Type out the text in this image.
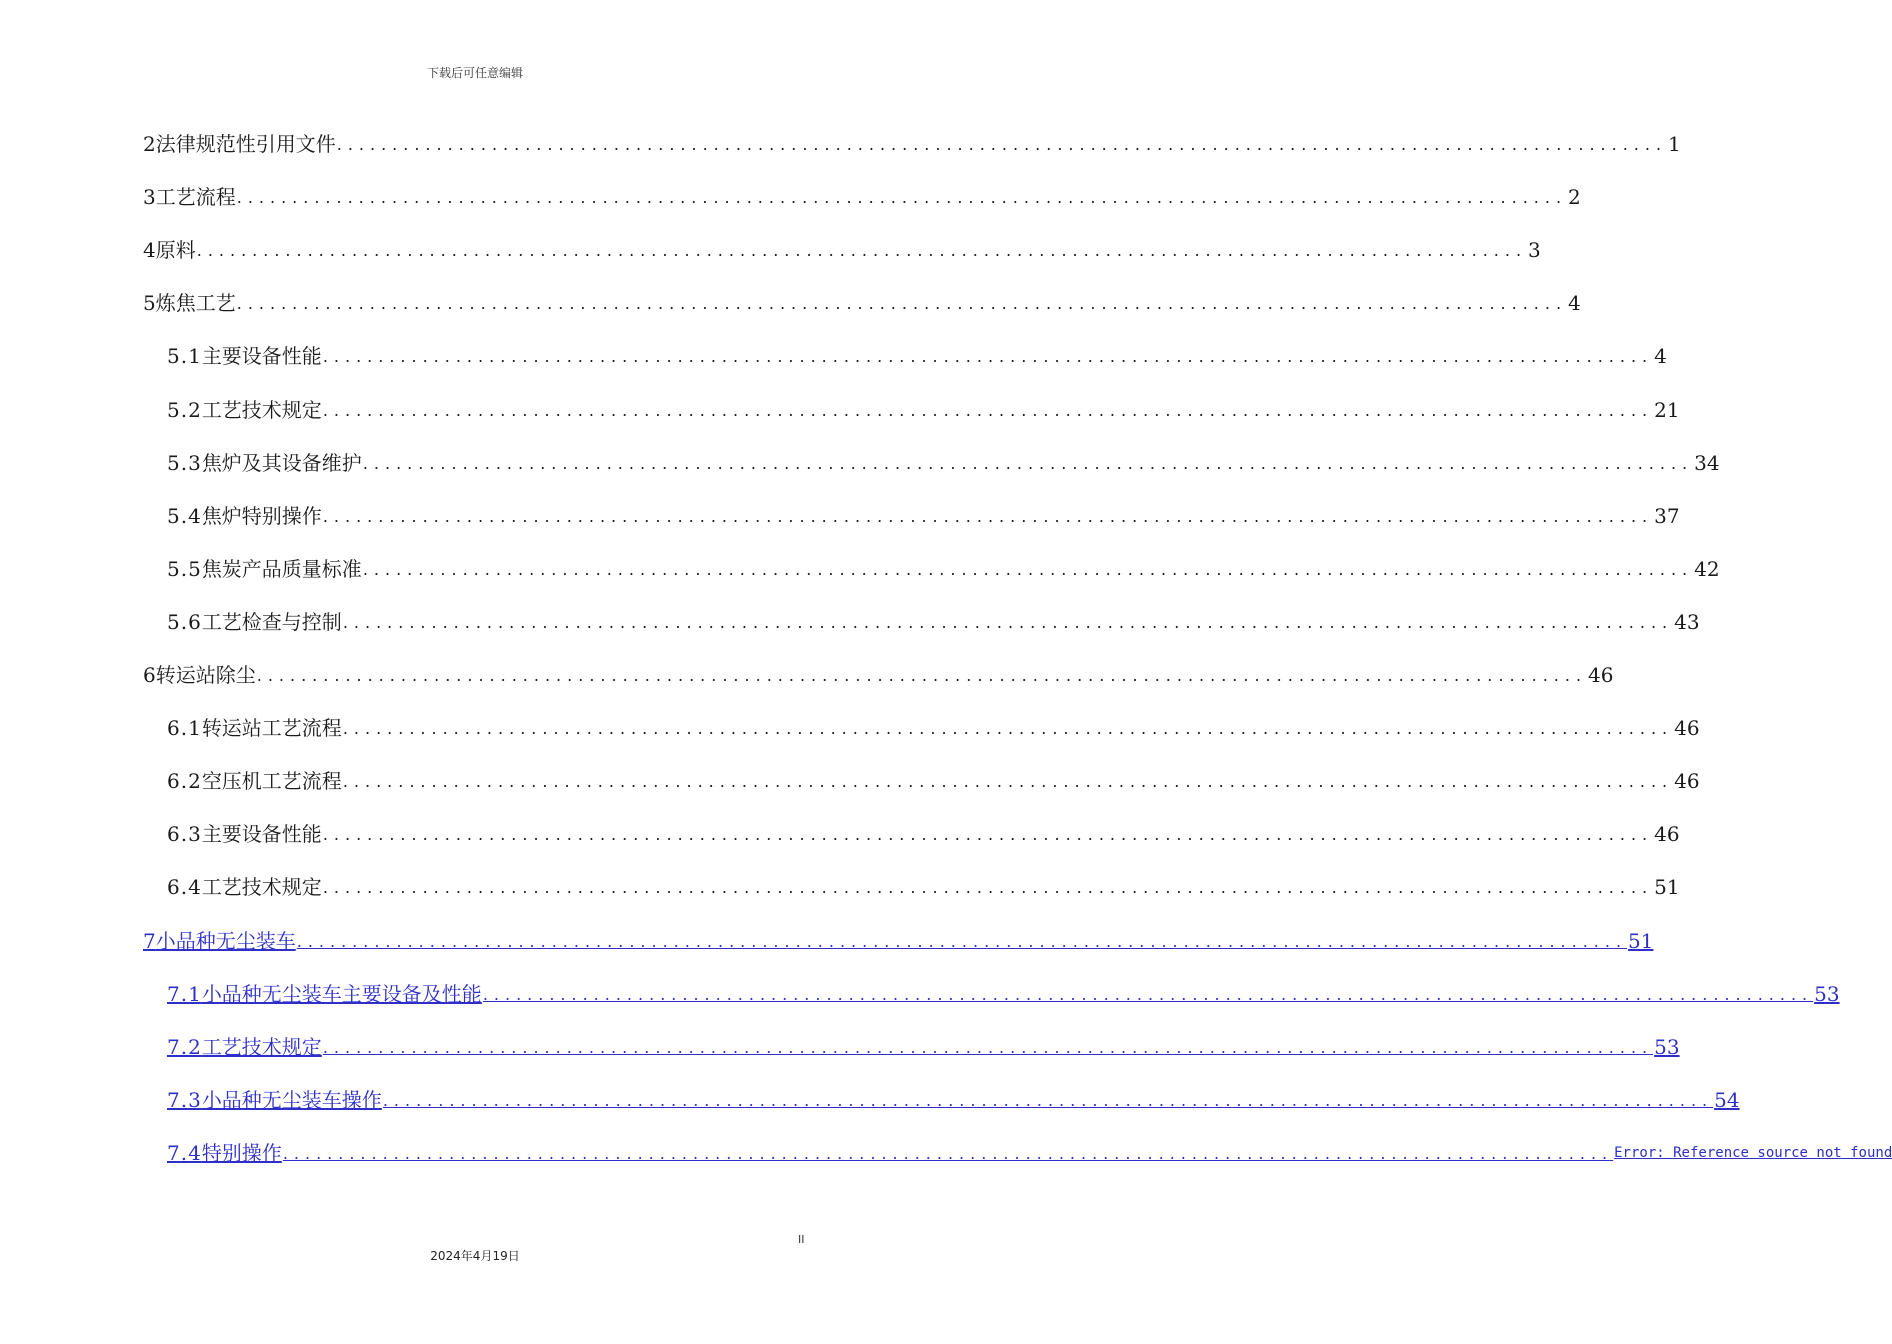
下载后可任意编辑
2 法律规范性引用文件 ........................................................................................................................ 1
3 工艺流程 ........................................................................................................................ 2
4 原料 ........................................................................................................................ 3
5 炼焦工艺 ........................................................................................................................ 4
5.1 主要设备性能 ........................................................................................................................ 4
5.2 工艺技术规定 ........................................................................................................................ 21
5.3 焦炉及其设备维护 ........................................................................................................................ 34
5.4 焦炉特别操作 ........................................................................................................................ 37
5.5 焦炭产品质量标准 ........................................................................................................................ 42
5.6 工艺检查与控制 ........................................................................................................................ 43
6 转运站除尘 ........................................................................................................................ 46
6.1 转运站工艺流程 ........................................................................................................................ 46
6.2 空压机工艺流程 ........................................................................................................................ 46
6.3 主要设备性能 ........................................................................................................................ 46
6.4 工艺技术规定 ........................................................................................................................ 51
7 小品种无尘装车 ........................................................................................................................ 51
7.1 小品种无尘装车主要设备及性能 ........................................................................................................................ 53
7.2 工艺技术规定 ........................................................................................................................ 53
7.3 小品种无尘装车操作 ........................................................................................................................ 54
7.4 特别操作 ........................................................................................................................ Error: Reference source not found
II
2024年4月19日
